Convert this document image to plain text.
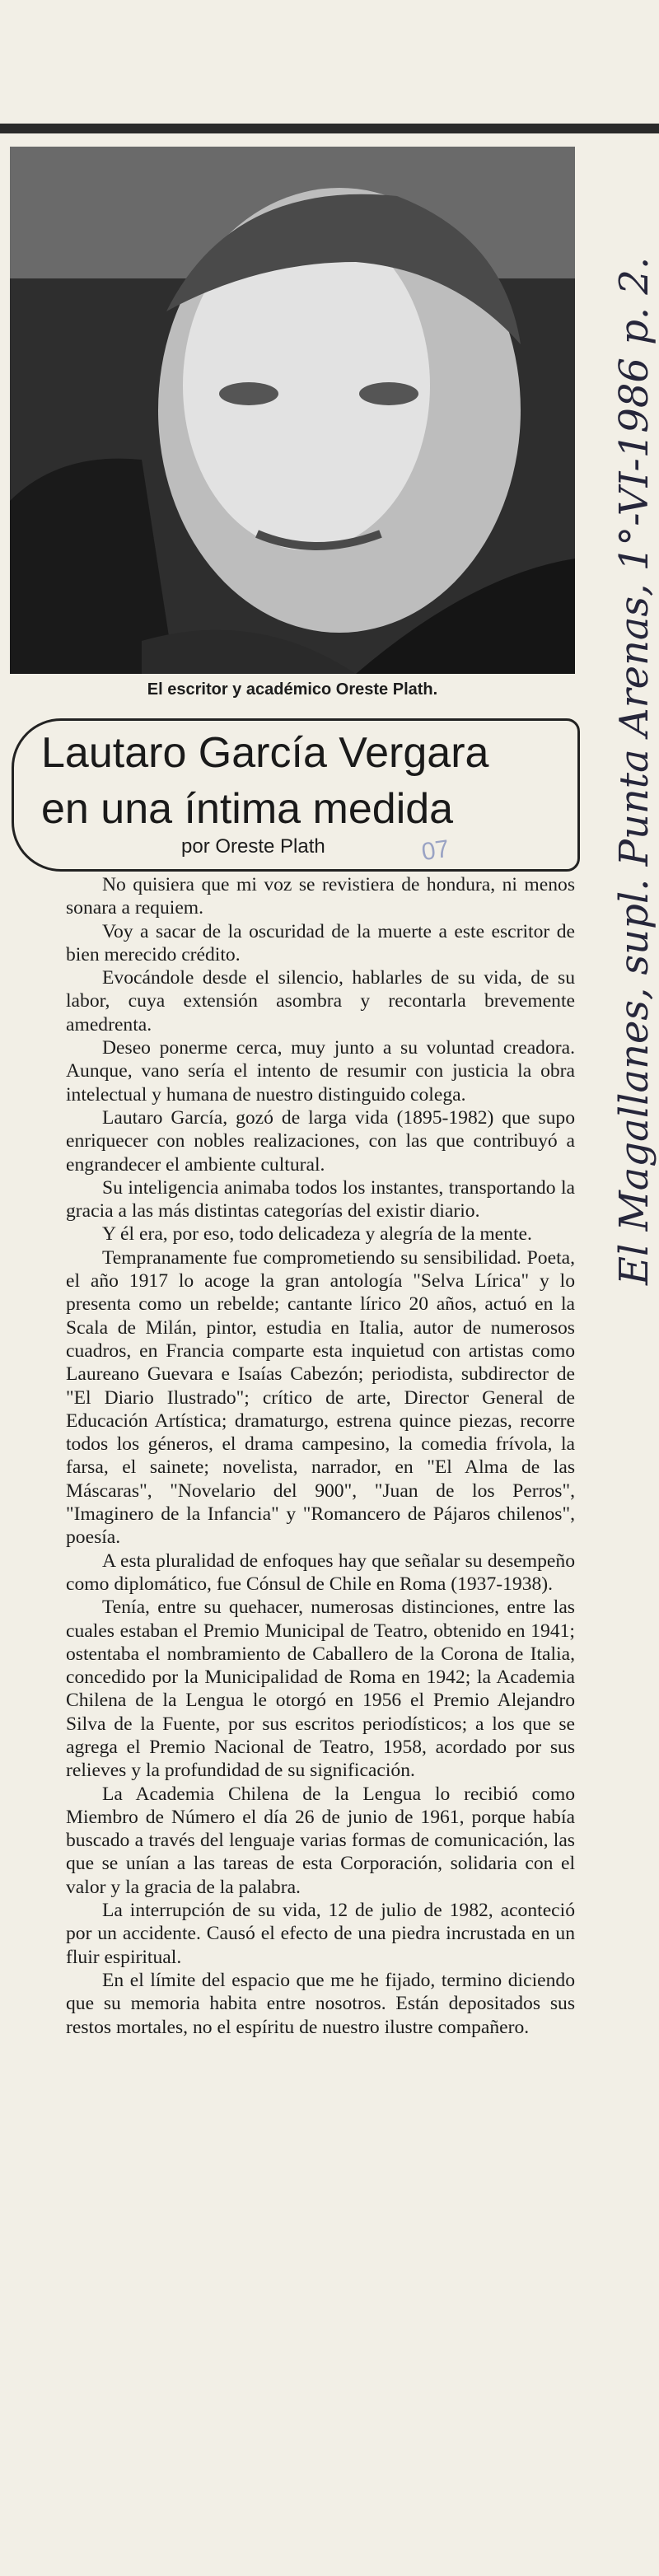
El escritor y académico Oreste Plath.
Lautaro García Vergara
en una íntima medida
por Oreste Plath	07

No quisiera que mi voz se revistiera de hondura, ni menos sonara a requiem.

Voy a sacar de la oscuridad de la muerte a este escritor de bien merecido crédito.

Evocándole desde el silencio, hablarles de su vida, de su labor, cuya extensión asombra y recontarla brevemente amedrenta.

Deseo ponerme cerca, muy junto a su voluntad creadora. Aunque, vano sería el intento de resumir con justicia la obra intelectual y humana de nuestro distinguido colega.

Lautaro García, gozó de larga vida (1895-1982) que supo enriquecer con nobles realizaciones, con las que contribuyó a engrandecer el ambiente cultural.

Su inteligencia animaba todos los instantes, transportando la gracia a las más distintas categorías del existir diario.

Y él era, por eso, todo delicadeza y alegría de la mente.

Tempranamente fue comprometiendo su sensibilidad. Poeta, el año 1917 lo acoge la gran antología "Selva Lírica" y lo presenta como un rebelde; cantante lírico 20 años, actuó en la Scala de Milán, pintor, estudia en Italia, autor de numerosos cuadros, en Francia comparte esta inquietud con artistas como Laureano Guevara e Isaías Cabezón; periodista, subdirector de "El Diario Ilustrado"; crítico de arte, Director General de Educación Artística; dramaturgo, estrena quince piezas, recorre todos los géneros, el drama campesino, la comedia frívola, la farsa, el sainete; novelista, narrador, en "El Alma de las Máscaras", "Novelario del 900", "Juan de los Perros", "Imaginero de la Infancia" y "Romancero de Pájaros chilenos", poesía.

A esta pluralidad de enfoques hay que señalar su desempeño como diplomático, fue Cónsul de Chile en Roma (1937-1938).

Tenía, entre su quehacer, numerosas distinciones, entre las cuales estaban el Premio Municipal de Teatro, obtenido en 1941; ostentaba el nombramiento de Caballero de la Corona de Italia, concedido por la Municipalidad de Roma en 1942; la Academia Chilena de la Lengua le otorgó en 1956 el Premio Alejandro Silva de la Fuente, por sus escritos periodísticos; a los que se agrega el Premio Nacional de Teatro, 1958, acordado por sus relieves y la profundidad de su significación.

La Academia Chilena de la Lengua lo recibió como Miembro de Número el día 26 de junio de 1961, porque había buscado a través del lenguaje varias formas de comunicación, las que se unían a las tareas de esta Corporación, solidaria con el valor y la gracia de la palabra.

La interrupción de su vida, 12 de julio de 1982, aconteció por un accidente. Causó el efecto de una piedra incrustada en un fluir espiritual.

En el límite del espacio que me he fijado, termino diciendo que su memoria habita entre nosotros. Están depositados sus restos mortales, no el espíritu de nuestro ilustre compañero.

El Magallanes, supl. Punta Arenas, 1°-VI-1986 p. 2.
